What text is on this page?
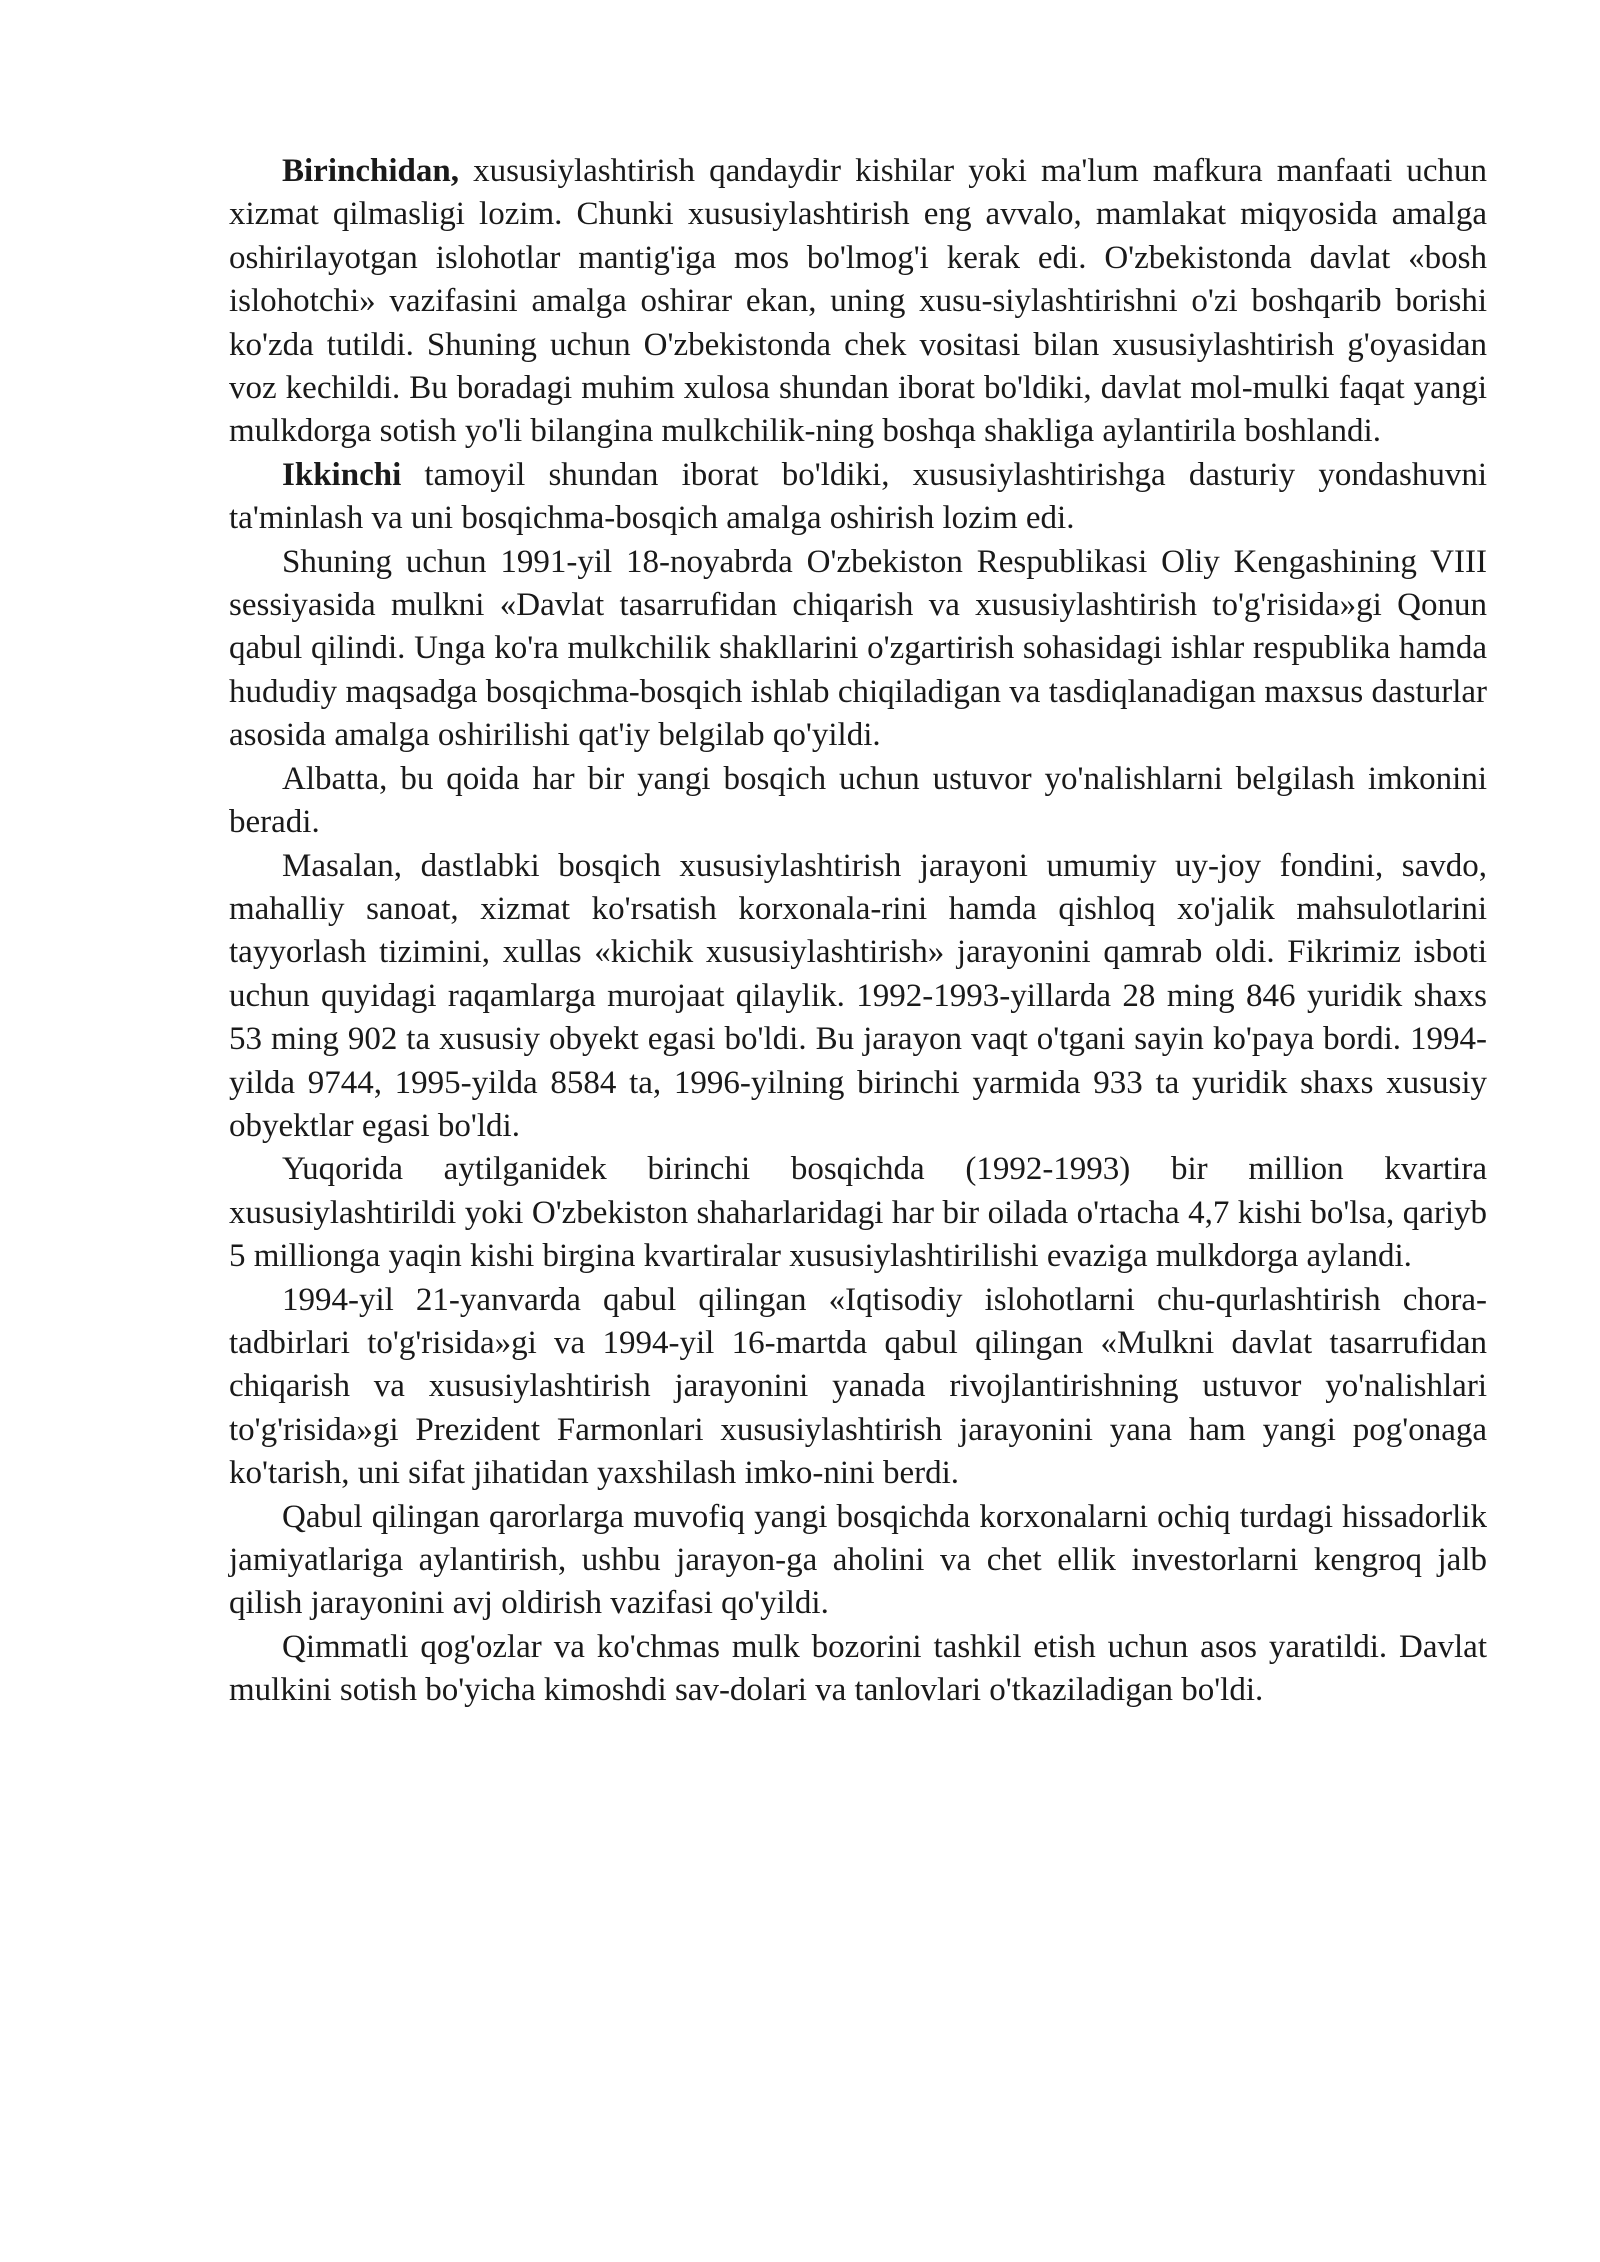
Birinchidan, xususiylashtirish qandaydir kishilar yoki ma'lum mafkura manfaati uchun xizmat qilmasligi lozim. Chunki xususiylashtirish eng avvalo, mamlakat miqyosida amalga oshirilayotgan islohotlar mantig'iga mos bo'lmog'i kerak edi. O'zbekistonda davlat «bosh islohotchi» vazifasini amalga oshirar ekan, uning xusu-siylashtirishni o'zi boshqarib borishi ko'zda tutildi. Shuning uchun O'zbekistonda chek vositasi bilan xususiylashtirish g'oyasidan voz kechildi. Bu boradagi muhim xulosa shundan iborat bo'ldiki, davlat mol-mulki faqat yangi mulkdorga sotish yo'li bilangina mulkchilik-ning boshqa shakliga aylantirila boshlandi.

Ikkinchi tamoyil shundan iborat bo'ldiki, xususiylashtirishga dasturiy yondashuvni ta'minlash va uni bosqichma-bosqich amalga oshirish lozim edi.

Shuning uchun 1991-yil 18-noyabrda O'zbekiston Respublikasi Oliy Kengashining VIII sessiyasida mulkni «Davlat tasarrufidan chiqarish va xususiylashtirish to'g'risida»gi Qonun qabul qilindi. Unga ko'ra mulkchilik shakllarini o'zgartirish sohasidagi ishlar respublika hamda hududiy maqsadga bosqichma-bosqich ishlab chiqiladigan va tasdiqlanadigan maxsus dasturlar asosida amalga oshirilishi qat'iy belgilab qo'yildi.

Albatta, bu qoida har bir yangi bosqich uchun ustuvor yo'nalishlarni belgilash imkonini beradi.

Masalan, dastlabki bosqich xususiylashtirish jarayoni umumiy uy-joy fondini, savdo, mahalliy sanoat, xizmat ko'rsatish korxonala-rini hamda qishloq xo'jalik mahsulotlarini tayyorlash tizimini, xullas «kichik xususiylashtirish» jarayonini qamrab oldi. Fikrimiz isboti uchun quyidagi raqamlarga murojaat qilaylik. 1992-1993-yillarda 28 ming 846 yuridik shaxs 53 ming 902 ta xususiy obyekt egasi bo'ldi. Bu jarayon vaqt o'tgani sayin ko'paya bordi. 1994-yilda 9744, 1995-yilda 8584 ta, 1996-yilning birinchi yarmida 933 ta yuridik shaxs xususiy obyektlar egasi bo'ldi.

Yuqorida aytilganidek birinchi bosqichda (1992-1993) bir million kvartira xususiylashtirildi yoki O'zbekiston shaharlaridagi har bir oilada o'rtacha 4,7 kishi bo'lsa, qariyb 5 millionga yaqin kishi birgina kvartiralar xususiylashtirilishi evaziga mulkdorga aylandi.

1994-yil 21-yanvarda qabul qilingan «Iqtisodiy islohotlarni chu-qurlashtirish chora-tadbirlari to'g'risida»gi va 1994-yil 16-martda qabul qilingan «Mulkni davlat tasarrufidan chiqarish va xususiylashtirish jarayonini yanada rivojlantirishning ustuvor yo'nalishlari to'g'risida»gi Prezident Farmonlari xususiylashtirish jarayonini yana ham yangi pog'onaga ko'tarish, uni sifat jihatidan yaxshilash imko-nini berdi.

Qabul qilingan qarorlarga muvofiq yangi bosqichda korxonalarni ochiq turdagi hissadorlik jamiyatlariga aylantirish, ushbu jarayon-ga aholini va chet ellik investorlarni kengroq jalb qilish jarayonini avj oldirish vazifasi qo'yildi.

Qimmatli qog'ozlar va ko'chmas mulk bozorini tashkil etish uchun asos yaratildi. Davlat mulkini sotish bo'yicha kimoshdi sav-dolari va tanlovlari o'tkaziladigan bo'ldi.
